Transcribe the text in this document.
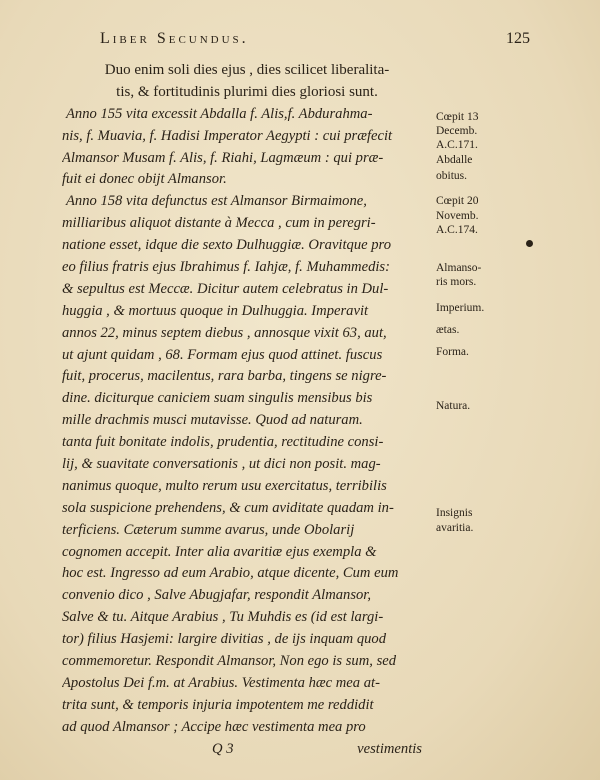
Liber Secundus.	125
Duo enim soli dies ejus , dies scilicet liberalita-
tis, & fortitudinis plurimi dies gloriosi sunt.
Anno 155 vita excessit Abdalla f. Alis,f. Abdurahma-
nis, f. Muavia, f. Hadisi Imperator Aegypti : cui præfecit
Almansor Musam f. Alis, f. Riahi, Lagmæum : qui præ-
fuit ei donec obijt Almansor.
Anno 158 vita defunctus est Almansor Birmaimone,
milliaribus aliquot distante à Mecca , cum in peregri-
natione esset, idque die sexto Dulhuggiæ. Oravitque pro
eo filius fratris ejus Ibrahimus f. Iahjæ, f. Muhammedis:
& sepultus est Meccæ. Dicitur autem celebratus in Dul-
huggia , & mortuus quoque in Dulhuggia. Imperavit
annos 22, minus septem diebus , annosque vixit 63, aut,
ut ajunt quidam , 68. Formam ejus quod attinet. fuscus
fuit, procerus, macilentus, rara barba, tingens se nigre-
dine. diciturque caniciem suam singulis mensibus bis
mille drachmis musci mutavisse. Quod ad naturam.
tanta fuit bonitate indolis, prudentia, rectitudine consi-
lij, & suavitate conversationis , ut dici non posit. mag-
nanimus quoque, multo rerum usu exercitatus, terribilis
sola suspicione prehendens, & cum aviditate quadam in-
terficiens. Cæterum summe avarus, unde Obolarij
cognomen accepit. Inter alia avaritiæ ejus exempla &
hoc est. Ingresso ad eum Arabio, atque dicente, Cum eum
convenio dico , Salve Abugjafar, respondit Almansor,
Salve & tu. Aitque Arabius , Tu Muhdis es (id est largi-
tor) filius Hasjemi: largire divitias , de ijs inquam quod
commemoretur. Respondit Almansor, Non ego is sum, sed
Apostolus Dei f.m. at Arabius. Vestimenta hæc mea at-
trita sunt, & temporis injuria impotentem me reddidit
ad quod Almansor ; Accipe hæc vestimenta mea pro
Q 3	vestimentis
Cœpit 13
Decemb.
A.C.171.
Abdalle
obitus.
Cœpit 20
Novemb.
A.C.174.
Almanso-
ris mors.
Imperium.
ætas.
Forma.
Natura.
Insignis
avaritia.
